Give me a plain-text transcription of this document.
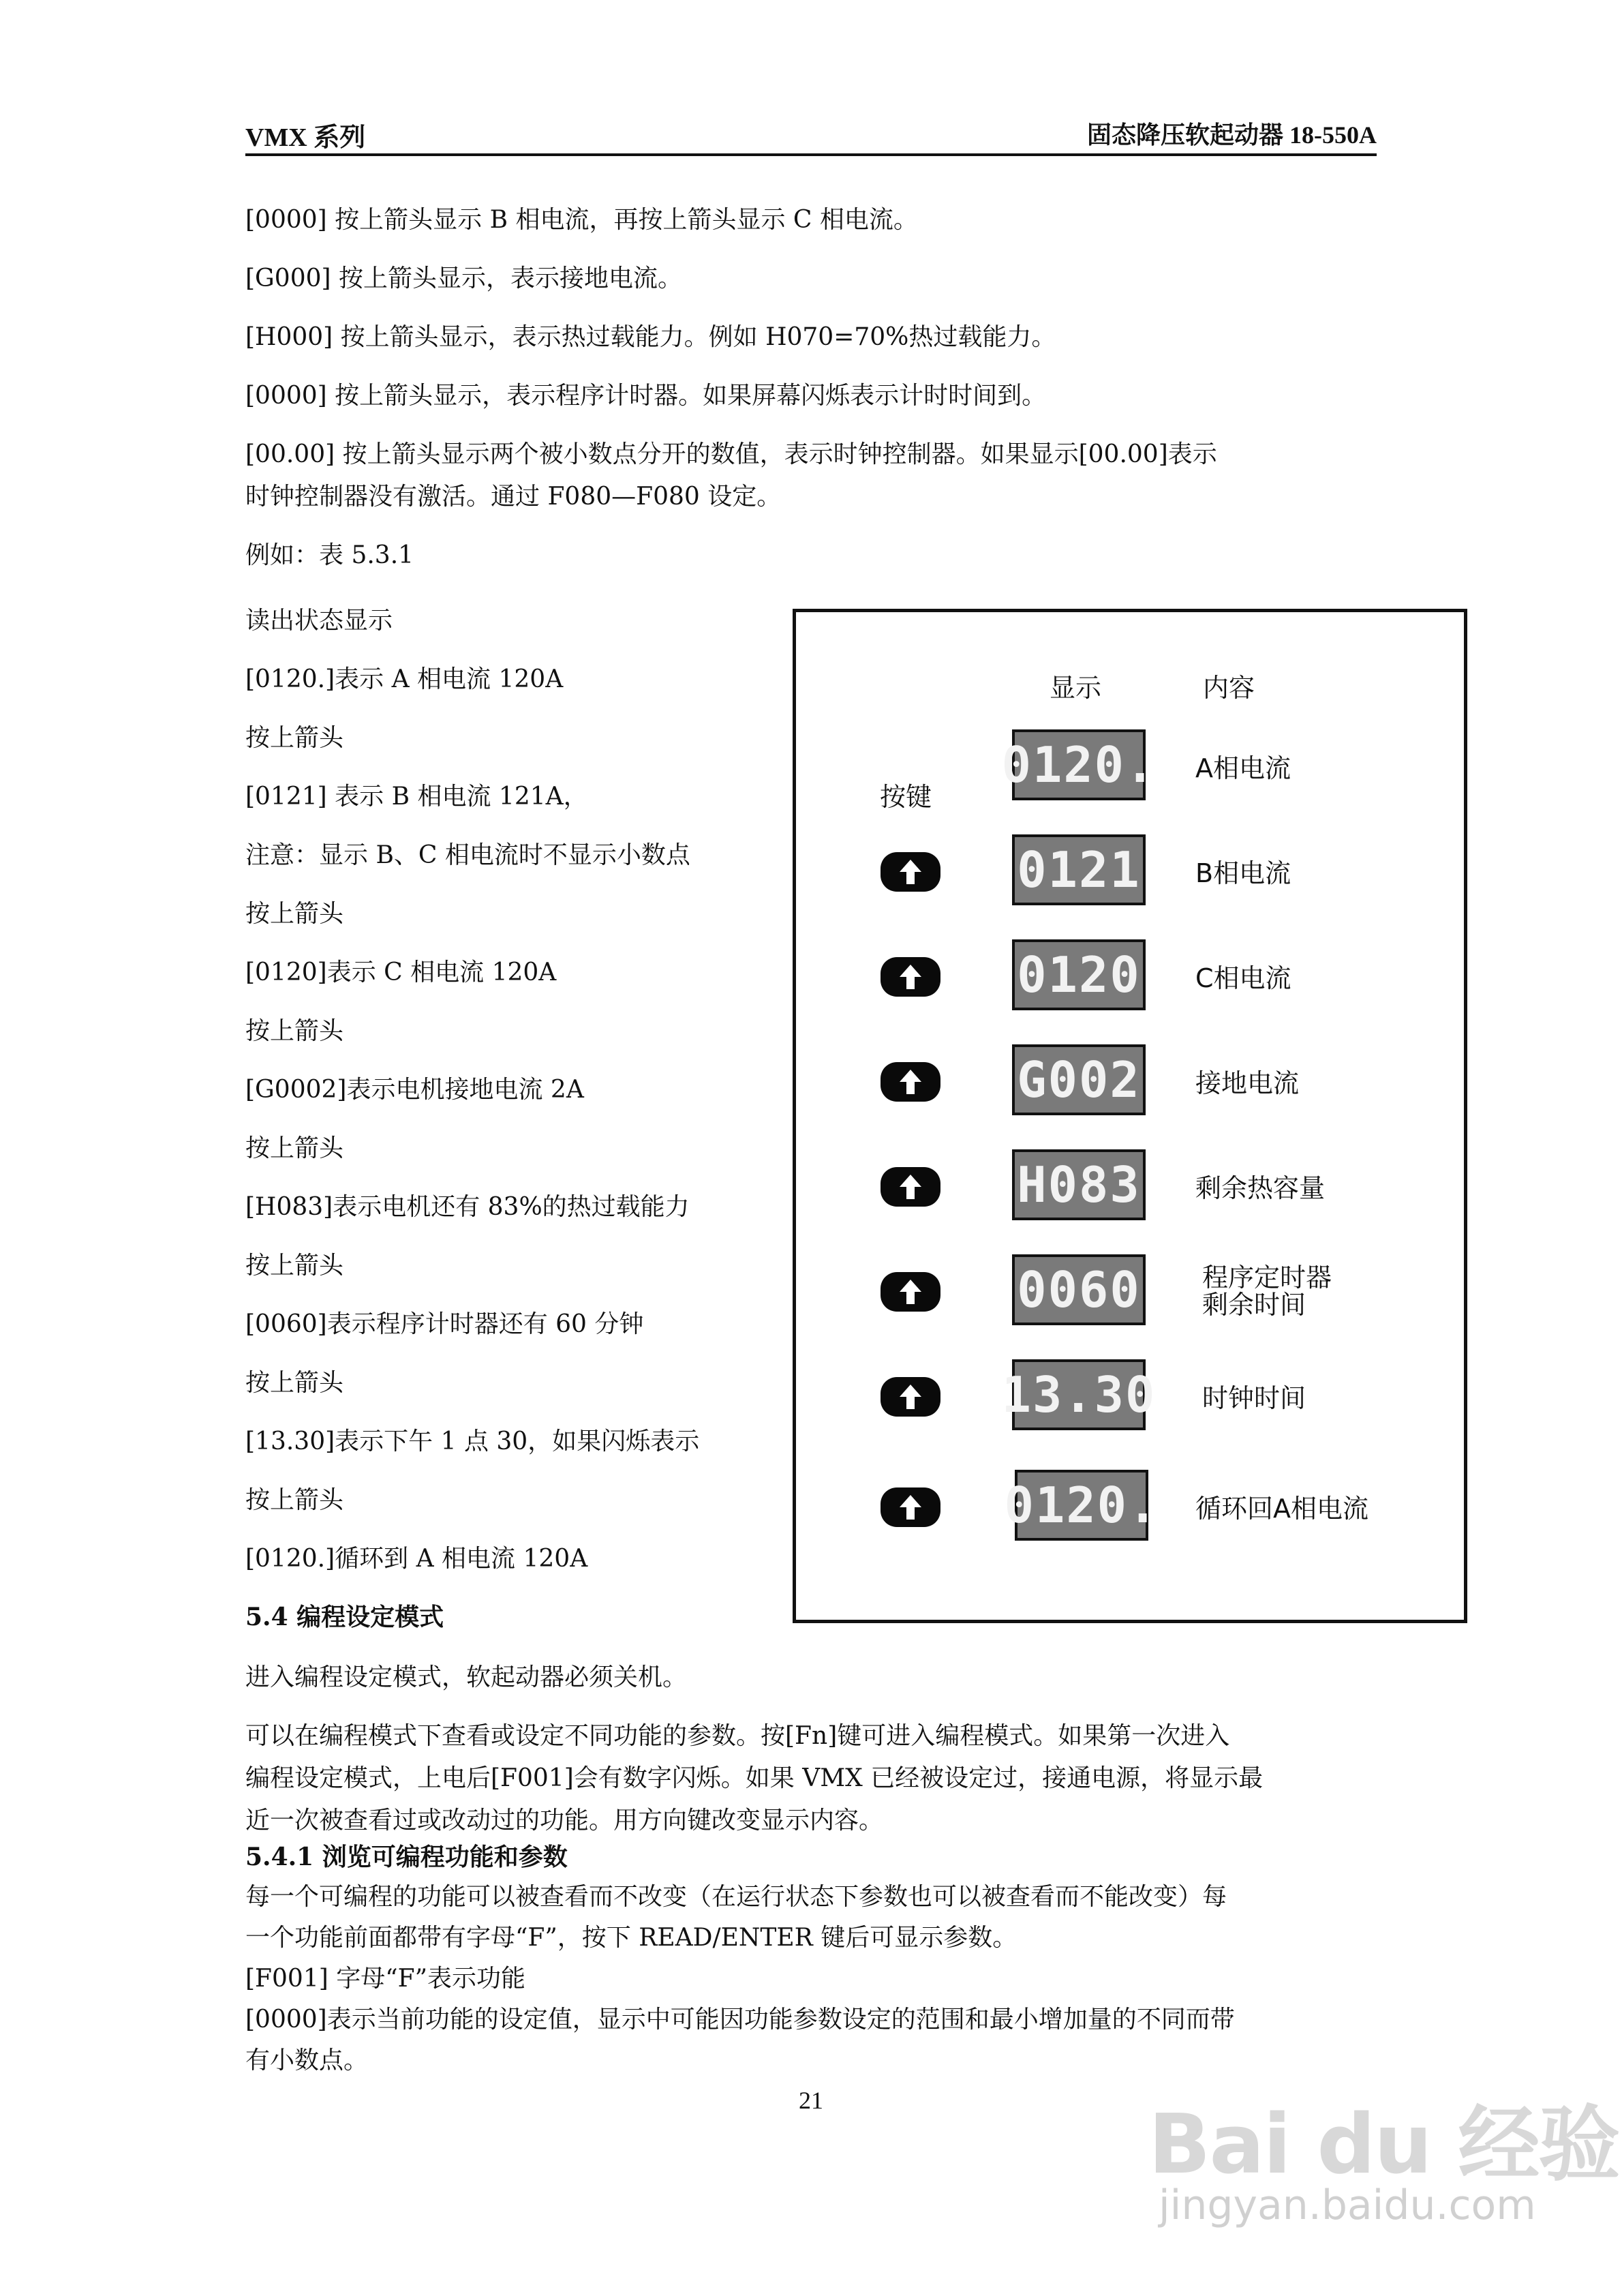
VMX 系列	固态降压软起动器 18-550A
[0000] 按上箭头显示 B 相电流，再按上箭头显示 C 相电流。
[G000] 按上箭头显示，表示接地电流。
[H000] 按上箭头显示，表示热过载能力。例如 H070=70%热过载能力。
[0000] 按上箭头显示，表示程序计时器。如果屏幕闪烁表示计时时间到。
[00.00] 按上箭头显示两个被小数点分开的数值，表示时钟控制器。如果显示[00.00]表示
时钟控制器没有激活。通过 F080—F080 设定。
例如：表 5.3.1
读出状态显示
[0120.]表示 A 相电流 120A
按上箭头
[0121] 表示 B 相电流 121A，
注意：显示 B、C 相电流时不显示小数点
按上箭头
[0120]表示 C 相电流 120A
按上箭头
[G0002]表示电机接地电流 2A
按上箭头
[H083]表示电机还有 83%的热过载能力
按上箭头
[0060]表示程序计时器还有 60 分钟
按上箭头
[13.30]表示下午 1 点 30，如果闪烁表示
按上箭头
[0120.]循环到 A 相电流 120A
显示	内容
按键
0120. A相电流
0121 B相电流
0120 C相电流
G002 接地电流
H083 剩余热容量
0060 程序定时器
剩余时间
13.30 时钟时间
0120. 循环回A相电流
5.4 编程设定模式
进入编程设定模式，软起动器必须关机。
可以在编程模式下查看或设定不同功能的参数。按[Fn]键可进入编程模式。如果第一次进入
编程设定模式，上电后[F001]会有数字闪烁。如果 VMX 已经被设定过，接通电源，将显示最
近一次被查看过或改动过的功能。用方向键改变显示内容。
5.4.1 浏览可编程功能和参数
每一个可编程的功能可以被查看而不改变（在运行状态下参数也可以被查看而不能改变）每
一个功能前面都带有字母“F”，按下 READ/ENTER 键后可显示参数。
[F001] 字母“F”表示功能
[0000]表示当前功能的设定值，显示中可能因功能参数设定的范围和最小增加量的不同而带
有小数点。
21	Bai du 经验
jingyan.baidu.com
